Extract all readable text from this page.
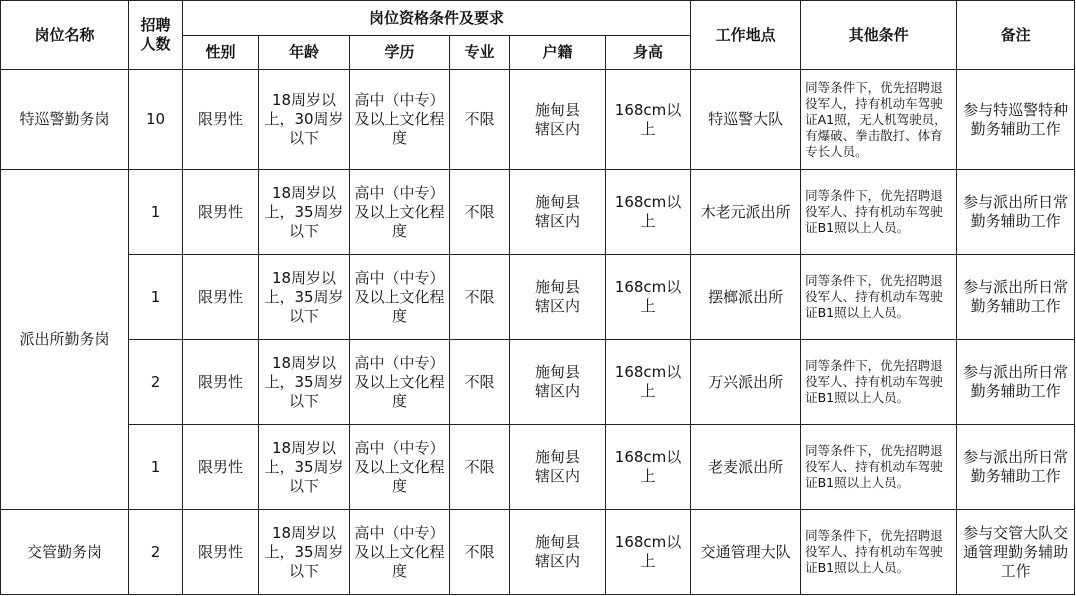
岗位名称	招聘人数	岗位资格条件及要求						工作地点	其他条件	备注
		性别	年龄	学历	专业	户籍	身高			
特巡警勤务岗	10	限男性	18周岁以上，30周岁以下	高中（中专）及以上文化程度	不限	施甸县辖区内	168cm以上	特巡警大队	同等条件下，优先招聘退役军人，持有机动车驾驶证A1照，无人机驾驶员，有爆破、拳击散打、体育专长人员。	参与特巡警特种勤务辅助工作
派出所勤务岗	1	限男性	18周岁以上，35周岁以下	高中（中专）及以上文化程度	不限	施甸县辖区内	168cm以上	木老元派出所	同等条件下，优先招聘退役军人、持有机动车驾驶证B1照以上人员。	参与派出所日常勤务辅助工作
	1	限男性	18周岁以上，35周岁以下	高中（中专）及以上文化程度	不限	施甸县辖区内	168cm以上	摆榔派出所	同等条件下，优先招聘退役军人、持有机动车驾驶证B1照以上人员。	参与派出所日常勤务辅助工作
	2	限男性	18周岁以上，35周岁以下	高中（中专）及以上文化程度	不限	施甸县辖区内	168cm以上	万兴派出所	同等条件下，优先招聘退役军人、持有机动车驾驶证B1照以上人员。	参与派出所日常勤务辅助工作
	1	限男性	18周岁以上，35周岁以下	高中（中专）及以上文化程度	不限	施甸县辖区内	168cm以上	老麦派出所	同等条件下，优先招聘退役军人、持有机动车驾驶证B1照以上人员。	参与派出所日常勤务辅助工作
交管勤务岗	2	限男性	18周岁以上，35周岁以下	高中（中专）及以上文化程度	不限	施甸县辖区内	168cm以上	交通管理大队	同等条件下，优先招聘退役军人、持有机动车驾驶证B1照以上人员。	参与交管大队交通管理勤务辅助工作
